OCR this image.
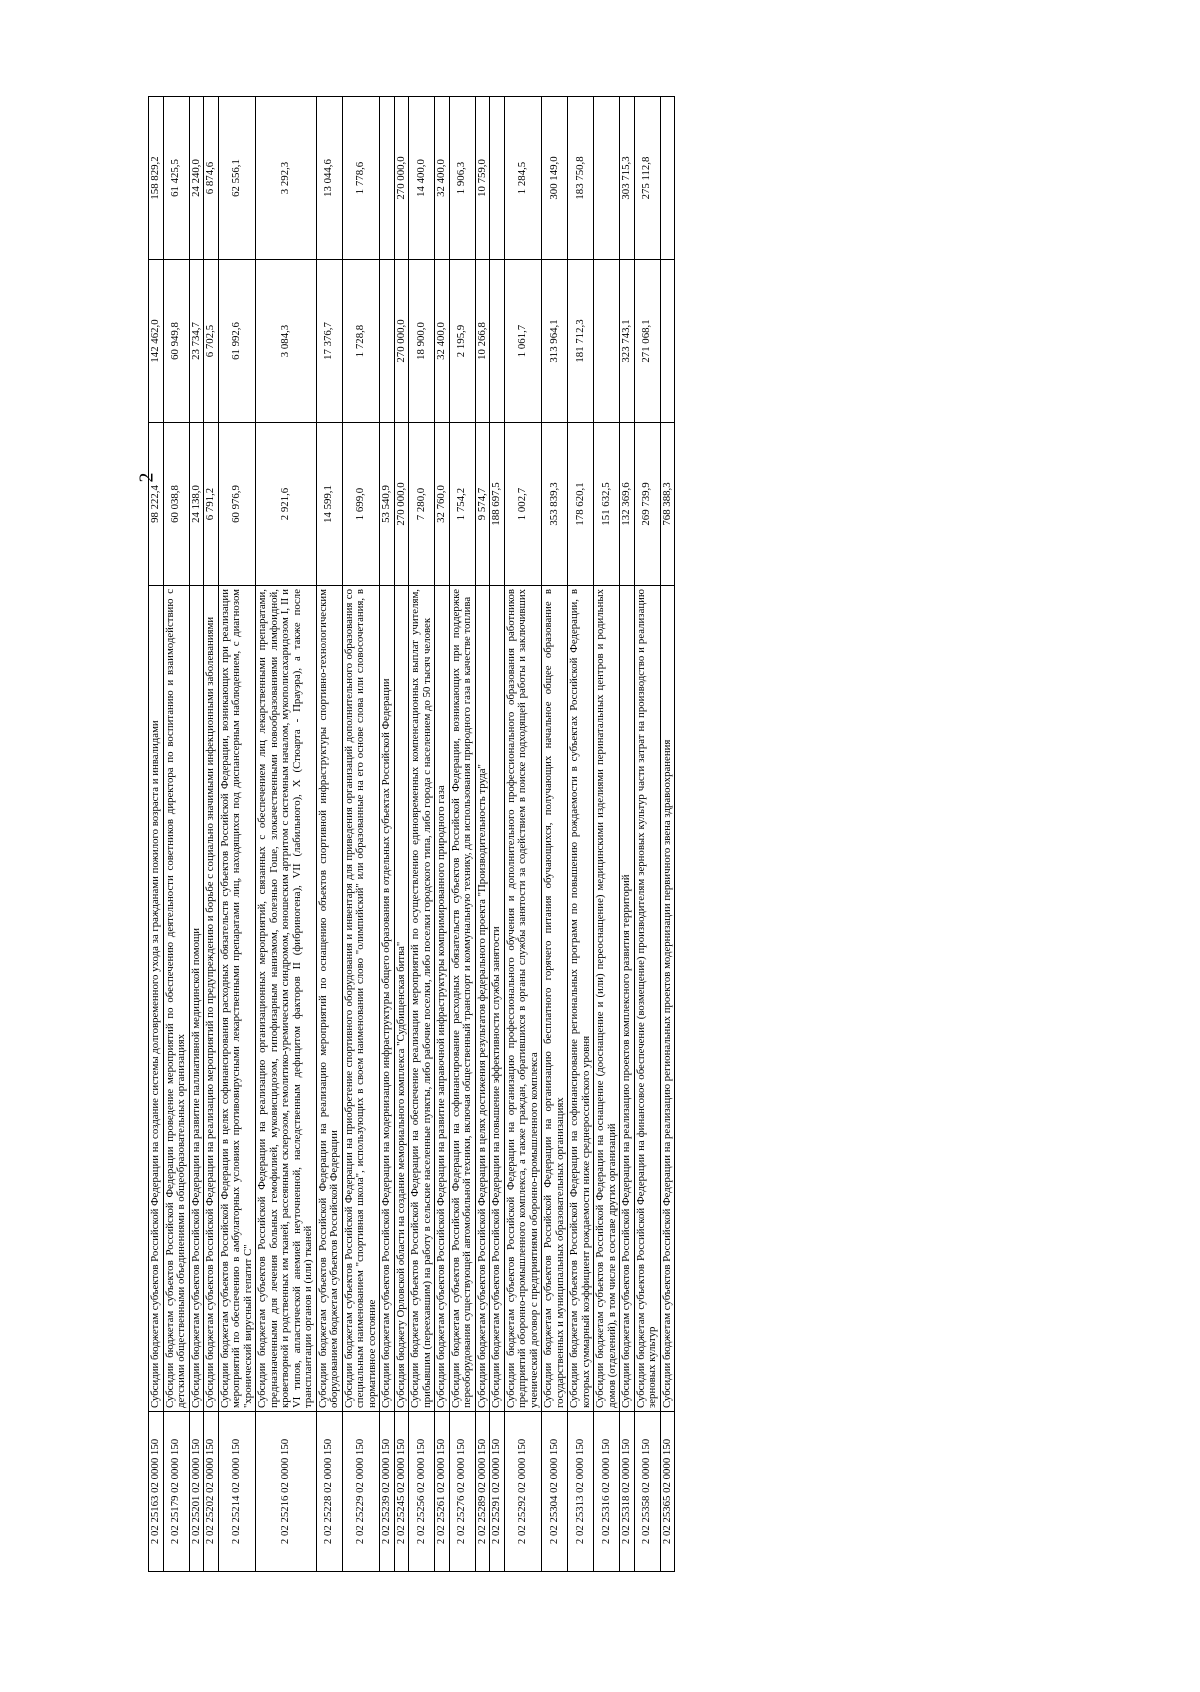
2
2 02 25163 02 0000 150	Субсидии бюджетам субъектов Российской Федерации на создание системы долговременного ухода за гражданами пожилого возраста и инвалидами	98 222,4	142 462,0	158 829,2
2 02 25179 02 0000 150	Субсидии бюджетам субъектов Российской Федерации проведение мероприятий по обеспечению деятельности советников директора по воспитанию и взаимодействию с детскими общественными объединениями в общеобразовательных организациях	60 038,8	60 949,8	61 425,5
2 02 25201 02 0000 150	Субсидии бюджетам субъектов Российской Федерации на развитие паллиативной медицинской помощи	24 138,0	23 734,7	24 240,0
2 02 25202 02 0000 150	Субсидии бюджетам субъектов Российской Федерации на реализацию мероприятий по предупреждению и борьбе с социально значимыми инфекционными заболеваниями	6 791,2	6 702,5	6 874,6
2 02 25214 02 0000 150	Субсидии бюджетам субъектов Российской Федерации в целях софинансирования расходных обязательств субъектов Российской Федерации, возникающих при реализации мероприятий по обеспечению в амбулаторных условиях противовирусными лекарственными препаратами лиц, находящихся под диспансерным наблюдением, с диагнозом "хронический вирусный гепатит С"	60 976,9	61 992,6	62 556,1
2 02 25216 02 0000 150	Субсидии бюджетам субъектов Российской Федерации на реализацию организационных мероприятий, связанных с обеспечением лиц лекарственными препаратами, предназначенными для лечения больных гемофилией, муковисцидозом, гипофизарным нанизмом, болезнью Гоше, злокачественными новообразованиями лимфоидной, кроветворной и родственных им тканей, рассеянным склерозом, гемолитико-уремическим синдромом, юношеским артритом с системным началом, мукополисахаридозом I, II и VI типов, апластической анемией неуточненной, наследственным дефицитом факторов II (фибриногена), VII (лабильного), X (Стюарта - Прауэра), а также после трансплантации органов и (или) тканей	2 921,6	3 084,3	3 292,3
2 02 25228 02 0000 150	Субсидии бюджетам субъектов Российской Федерации на реализацию мероприятий по оснащению объектов спортивной инфраструктуры спортивно-технологическим оборудованием бюджетам субъектов Российской Федерации	14 599,1	17 376,7	13 044,6
2 02 25229 02 0000 150	Субсидии бюджетам субъектов Российской Федерации на приобретение спортивного оборудования и инвентаря для приведения организаций дополнительного образования со специальным наименованием "спортивная школа", использующих в своем наименовании слово "олимпийский" или образованные на его основе слова или словосочетания, в нормативное состояние	1 699,0	1 728,8	1 778,6
2 02 25239 02 0000 150	Субсидии бюджетам субъектов Российской Федерации на модернизацию инфраструктуры общего образования в отдельных субъектах Российской Федерации	53 540,9		
2 02 25245 02 0000 150	Субсидия бюджету Орловской области на создание мемориального комплекса "Судбищенская битва"	270 000,0	270 000,0	270 000,0
2 02 25256 02 0000 150	Субсидии бюджетам субъектов Российской Федерации на обеспечение реализации мероприятий по осуществлению единовременных компенсационных выплат учителям, прибывшим (переехавшим) на работу в сельские населенные пункты, либо рабочие поселки, либо поселки городского типа, либо города с населением до 50 тысяч человек	7 280,0	18 900,0	14 400,0
2 02 25261 02 0000 150	Субсидии бюджетам субъектов Российской Федерации на развитие заправочной инфраструктуры компримированного природного газа	32 760,0	32 400,0	32 400,0
2 02 25276 02 0000 150	Субсидии бюджетам субъектов Российской Федерации на софинансирование расходных обязательств субъектов Российской Федерации, возникающих при поддержке переоборудования существующей автомобильной техники, включая общественный транспорт и коммунальную технику, для использования природного газа в качестве топлива	1 754,2	2 195,9	1 906,3
2 02 25289 02 0000 150	Субсидии бюджетам субъектов Российской Федерации в целях достижения результатов федерального проекта "Производительность труда"	9 574,7	10 266,8	10 759,0
2 02 25291 02 0000 150	Субсидии бюджетам субъектов Российской Федерации на повышение эффективности службы занятости	188 697,5		
2 02 25292 02 0000 150	Субсидии бюджетам субъектов Российской Федерации на организацию профессионального обучения и дополнительного профессионального образования работников предприятий оборонно-промышленного комплекса, а также граждан, обратившихся в органы службы занятости за содействием в поиске подходящей работы и заключивших ученический договор с предприятиями оборонно-промышленного комплекса	1 002,7	1 061,7	1 284,5
2 02 25304 02 0000 150	Субсидии бюджетам субъектов Российской Федерации на организацию бесплатного горячего питания обучающихся, получающих начальное общее образование в государственных и муниципальных образовательных организациях	353 839,3	313 964,1	300 149,0
2 02 25313 02 0000 150	Субсидии бюджетам субъектов Российской Федерации на софинансирование региональных программ по повышению рождаемости в субъектах Российской Федерации, в которых суммарный коэффициент рождаемости ниже среднероссийского уровня	178 620,1	181 712,3	183 750,8
2 02 25316 02 0000 150	Субсидии бюджетам субъектов Российской Федерации на оснащение (дооснащение и (или) переоснащение) медицинскими изделиями перинатальных центров и родильных домов (отделений), в том числе в составе других организаций	151 632,5		
2 02 25318 02 0000 150	Субсидии бюджетам субъектов Российской Федерации на реализацию проектов комплексного развития территорий	132 369,6	323 743,1	303 715,3
2 02 25358 02 0000 150	Субсидии бюджетам субъектов Российской Федерации на финансовое обеспечение (возмещение) производителям зерновых культур части затрат на производство и реализацию зерновых культур	269 739,9	271 068,1	275 112,8
2 02 25365 02 0000 150	Субсидии бюджетам субъектов Российской Федерации на реализацию региональных проектов модернизации первичного звена здравоохранения	768 388,3		
